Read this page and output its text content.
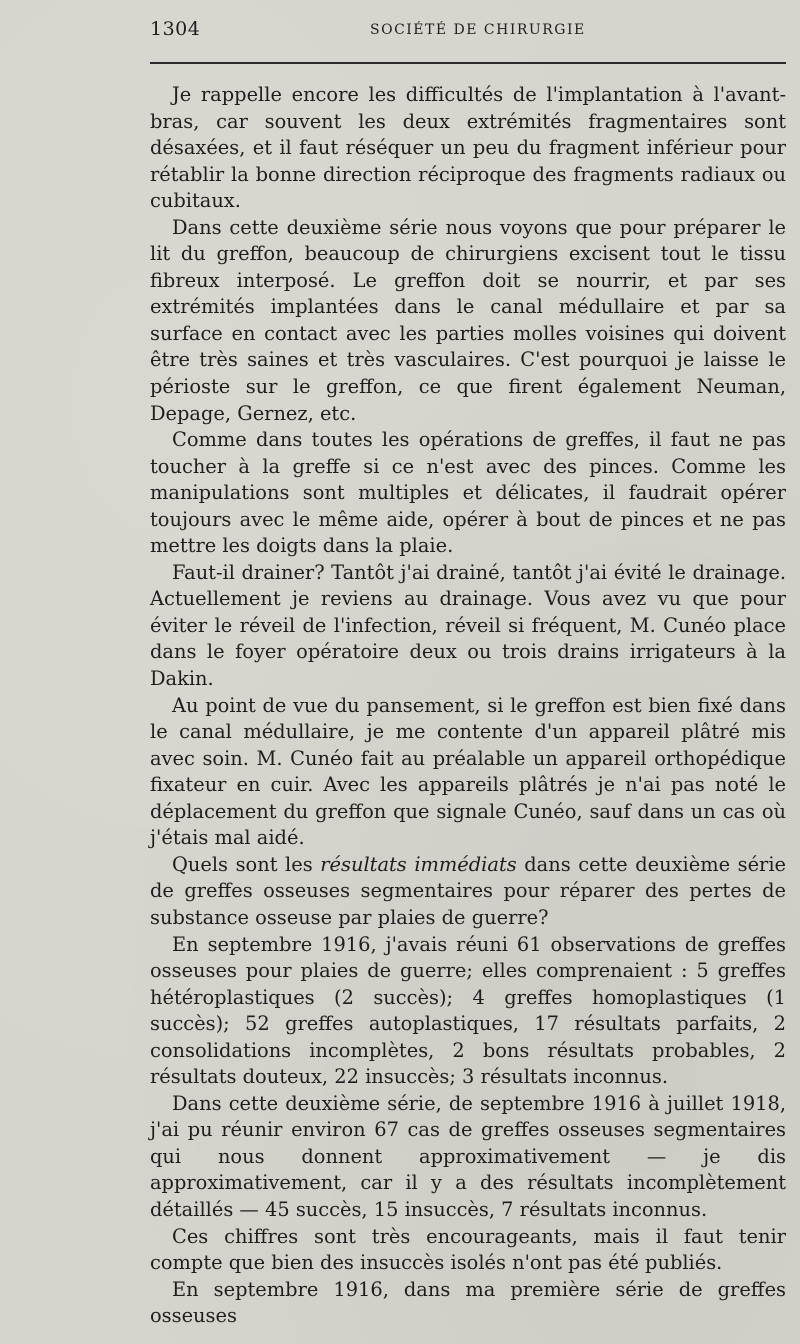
1304	SOCIÉTÉ DE CHIRURGIE

Je rappelle encore les difficultés de l'implantation à l'avant-bras, car souvent les deux extrémités fragmentaires sont désaxées, et il faut réséquer un peu du fragment inférieur pour rétablir la bonne direction réciproque des fragments radiaux ou cubitaux.

Dans cette deuxième série nous voyons que pour préparer le lit du greffon, beaucoup de chirurgiens excisent tout le tissu fibreux interposé. Le greffon doit se nourrir, et par ses extrémités implantées dans le canal médullaire et par sa surface en contact avec les parties molles voisines qui doivent être très saines et très vasculaires. C'est pourquoi je laisse le périoste sur le greffon, ce que firent également Neuman, Depage, Gernez, etc.

Comme dans toutes les opérations de greffes, il faut ne pas toucher à la greffe si ce n'est avec des pinces. Comme les manipulations sont multiples et délicates, il faudrait opérer toujours avec le même aide, opérer à bout de pinces et ne pas mettre les doigts dans la plaie.

Faut-il drainer? Tantôt j'ai drainé, tantôt j'ai évité le drainage. Actuellement je reviens au drainage. Vous avez vu que pour éviter le réveil de l'infection, réveil si fréquent, M. Cunéo place dans le foyer opératoire deux ou trois drains irrigateurs à la Dakin.

Au point de vue du pansement, si le greffon est bien fixé dans le canal médullaire, je me contente d'un appareil plâtré mis avec soin. M. Cunéo fait au préalable un appareil orthopédique fixateur en cuir. Avec les appareils plâtrés je n'ai pas noté le déplacement du greffon que signale Cunéo, sauf dans un cas où j'étais mal aidé.

Quels sont les résultats immédiats dans cette deuxième série de greffes osseuses segmentaires pour réparer des pertes de substance osseuse par plaies de guerre?

En septembre 1916, j'avais réuni 61 observations de greffes osseuses pour plaies de guerre; elles comprenaient : 5 greffes hétéroplastiques (2 succès); 4 greffes homoplastiques (1 succès); 52 greffes autoplastiques, 17 résultats parfaits, 2 consolidations incomplètes, 2 bons résultats probables, 2 résultats douteux, 22 insuccès; 3 résultats inconnus.

Dans cette deuxième série, de septembre 1916 à juillet 1918, j'ai pu réunir environ 67 cas de greffes osseuses segmentaires qui nous donnent approximativement — je dis approximativement, car il y a des résultats incomplètement détaillés — 45 succès, 15 insuccès, 7 résultats inconnus.

Ces chiffres sont très encourageants, mais il faut tenir compte que bien des insuccès isolés n'ont pas été publiés.

En septembre 1916, dans ma première série de greffes osseuses
